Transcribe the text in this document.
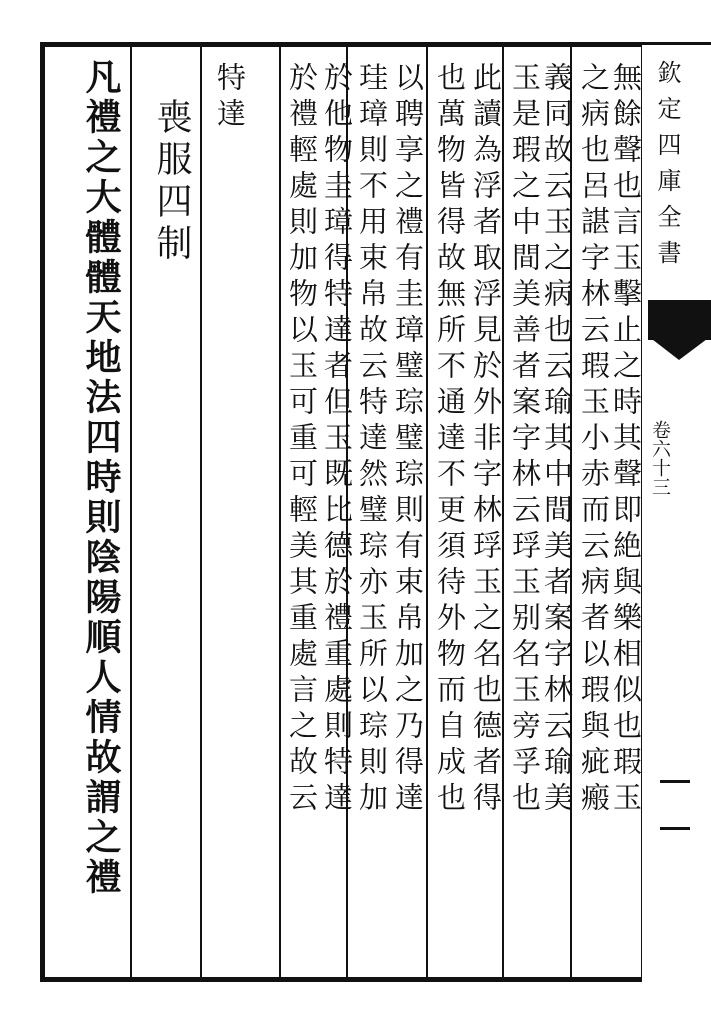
欽定四庫全書
卷六十三
無餘聲也言玉擊止之時其聲即絶與樂相似也瑕玉
之病也呂諶字林云瑕玉小赤而云病者以瑕與疵瘢
義同故云玉之病也云瑜其中間美者案字林云瑜美
玉是瑕之中間美善者案字林云琈玉别名玉旁孚也
此讀為浮者取浮見於外非字林琈玉之名也德者得
也萬物皆得故無所不通達不更須待外物而自成也
以聘享之禮有圭璋璧琮璧琮則有束帛加之乃得達
珪璋則不用束帛故云特達然璧琮亦玉所以琮則加
於他物圭璋得特達者但玉既比德於禮重處則特達
於禮輕處則加物以玉可重可輕美其重處言之故云
特達
喪服四制
凡禮之大體體天地法四時則陰陽順人情故謂之禮
